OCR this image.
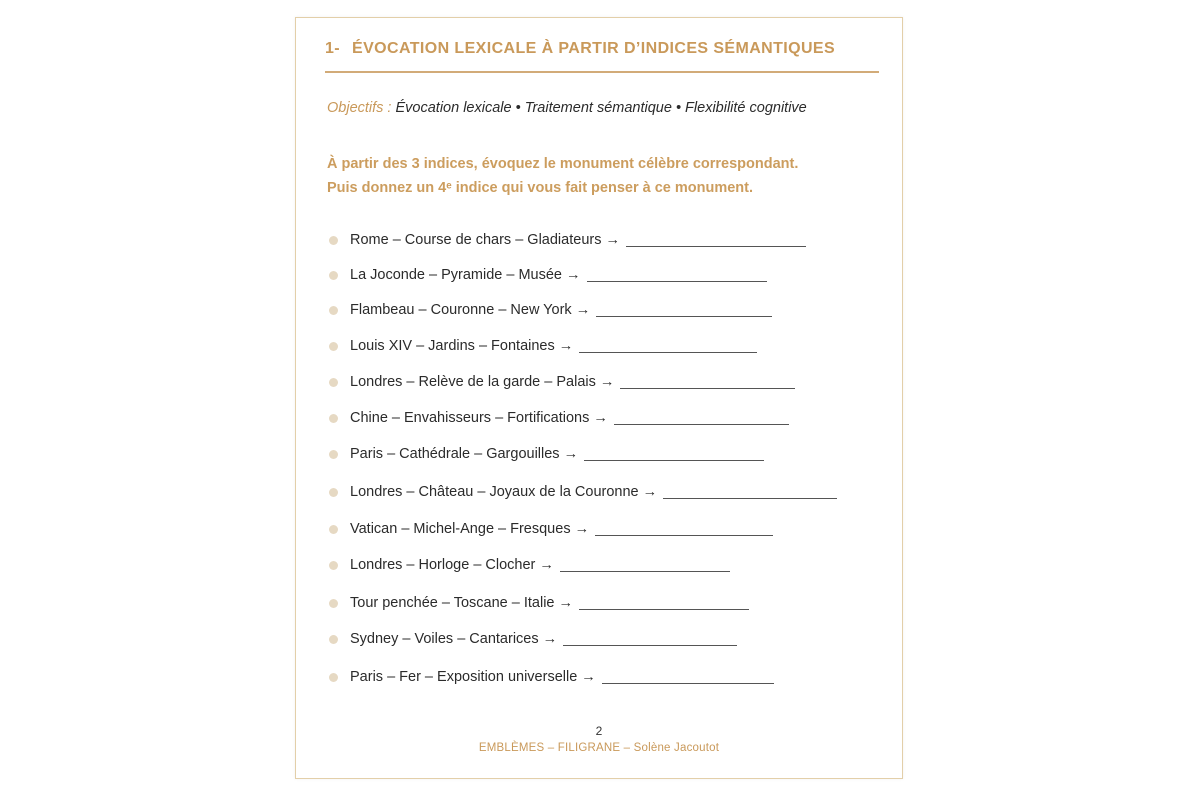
1- ÉVOCATION LEXICALE À PARTIR D’INDICES SÉMANTIQUES
Objectifs : Évocation lexicale • Traitement sémantique • Flexibilité cognitive
À partir des 3 indices, évoquez le monument célèbre correspondant.
Puis donnez un 4ᵉ indice qui vous fait penser à ce monument.
Rome – Course de chars – Gladiateurs →
La Joconde – Pyramide – Musée →
Flambeau – Couronne – New York →
Louis XIV – Jardins – Fontaines →
Londres – Relève de la garde – Palais →
Chine – Envahisseurs – Fortifications →
Paris – Cathédrale – Gargouilles →
Londres – Château – Joyaux de la Couronne →
Vatican – Michel-Ange – Fresques →
Londres – Horloge – Clocher →
Tour penchée – Toscane – Italie →
Sydney – Voiles – Cantarices →
Paris – Fer – Exposition universelle →
2
EMBLÈMES – FILIGRANE – Solène Jacoutot
